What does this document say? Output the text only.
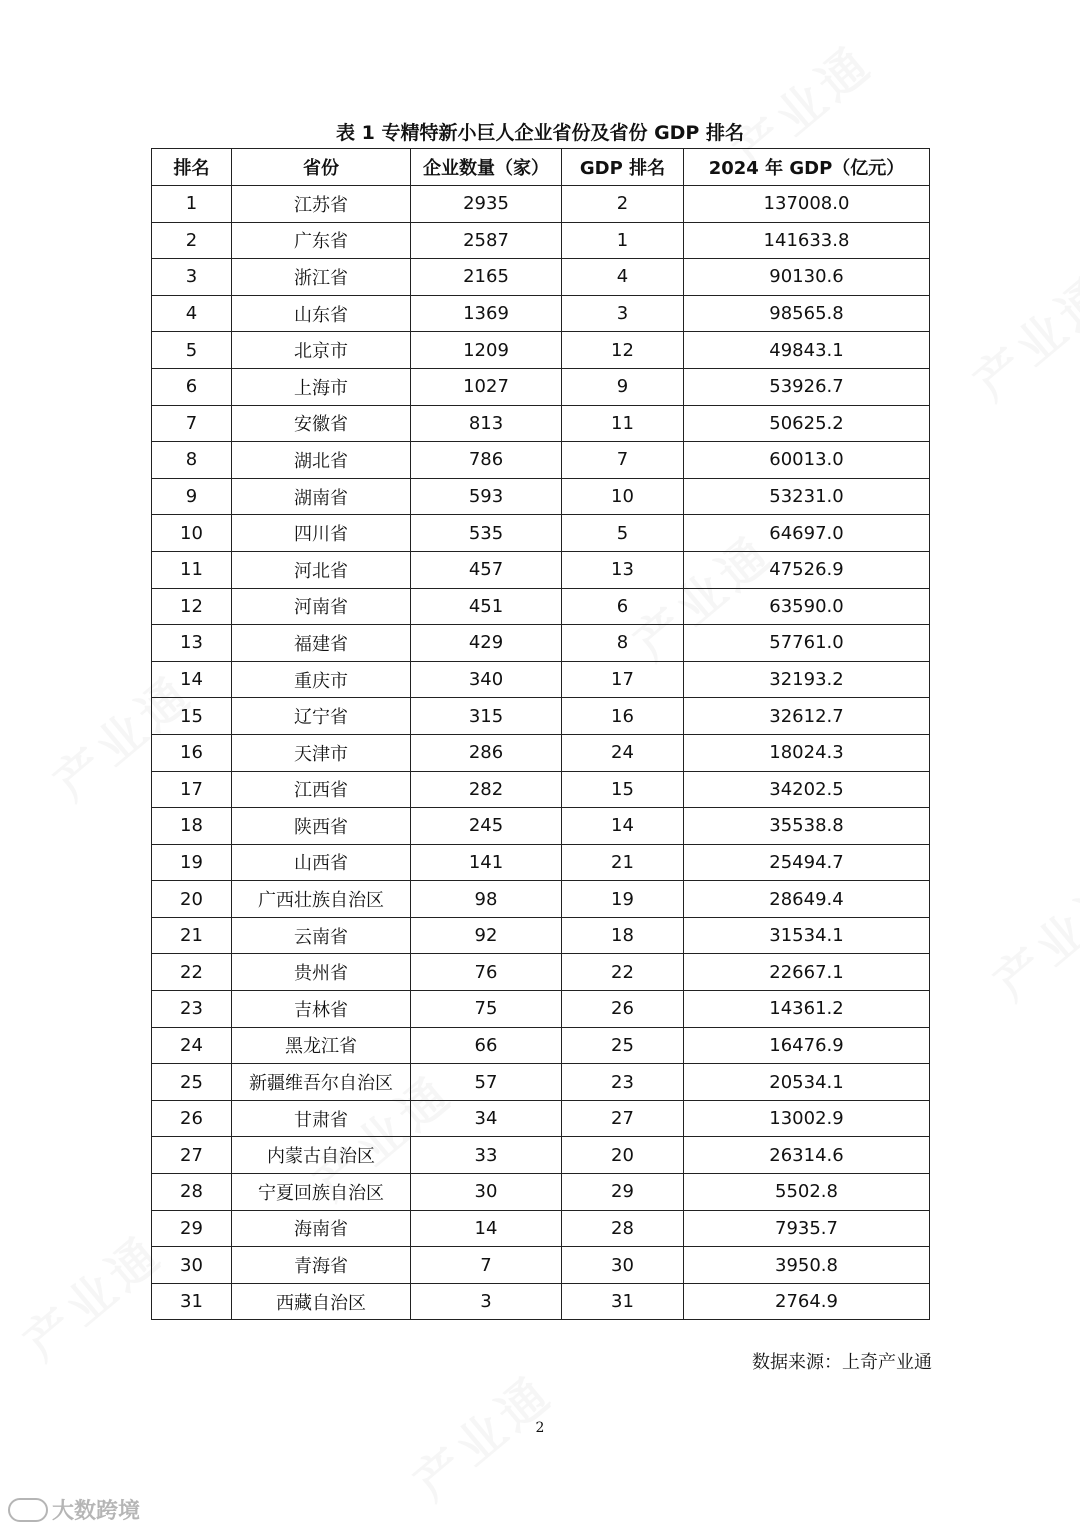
表 1 专精特新小巨人企业省份及省份 GDP 排名
排名	省份	企业数量（家）	GDP 排名	2024 年 GDP（亿元）
1	江苏省	2935	2	137008.0
2	广东省	2587	1	141633.8
3	浙江省	2165	4	90130.6
4	山东省	1369	3	98565.8
5	北京市	1209	12	49843.1
6	上海市	1027	9	53926.7
7	安徽省	813	11	50625.2
8	湖北省	786	7	60013.0
9	湖南省	593	10	53231.0
10	四川省	535	5	64697.0
11	河北省	457	13	47526.9
12	河南省	451	6	63590.0
13	福建省	429	8	57761.0
14	重庆市	340	17	32193.2
15	辽宁省	315	16	32612.7
16	天津市	286	24	18024.3
17	江西省	282	15	34202.5
18	陕西省	245	14	35538.8
19	山西省	141	21	25494.7
20	广西壮族自治区	98	19	28649.4
21	云南省	92	18	31534.1
22	贵州省	76	22	22667.1
23	吉林省	75	26	14361.2
24	黑龙江省	66	25	16476.9
25	新疆维吾尔自治区	57	23	20534.1
26	甘肃省	34	27	13002.9
27	内蒙古自治区	33	20	26314.6
28	宁夏回族自治区	30	29	5502.8
29	海南省	14	28	7935.7
30	青海省	7	30	3950.8
31	西藏自治区	3	31	2764.9
数据来源：上奇产业通
2
大数跨境
